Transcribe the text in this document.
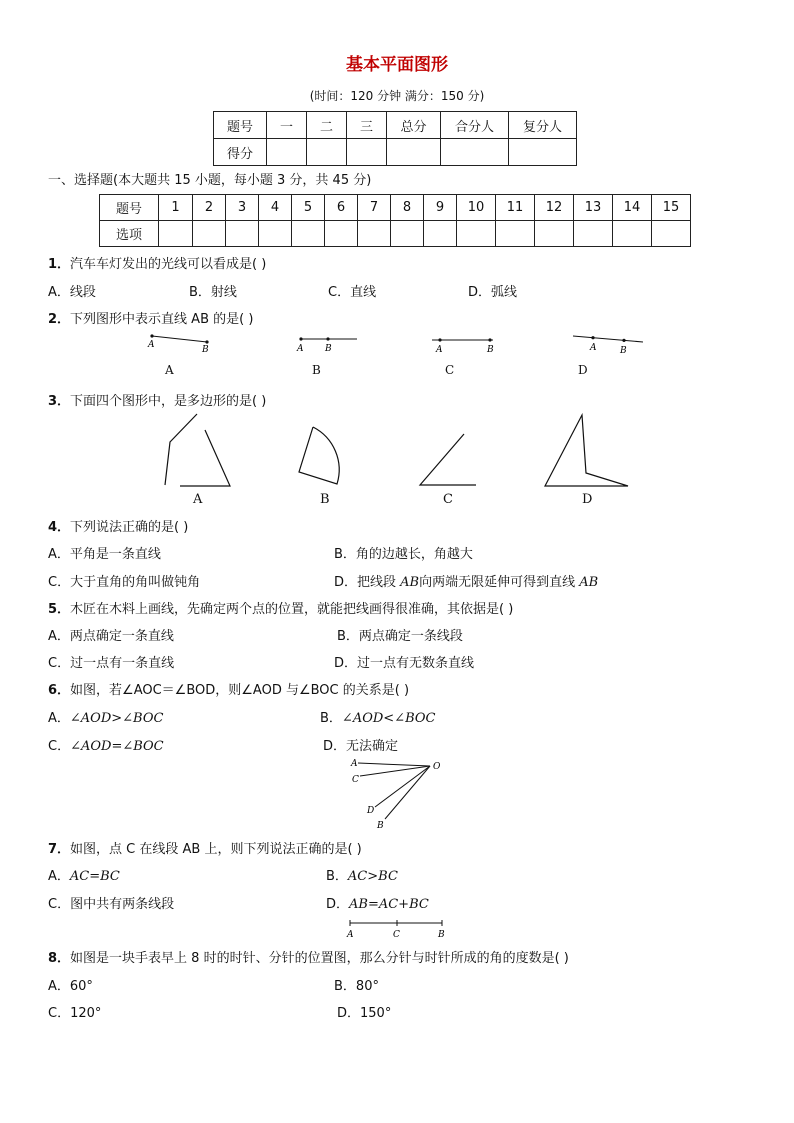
基本平面图形
(时间：120 分钟 满分：150 分)
题号	一	二	三	总分	合分人	复分人
得分						
一、选择题(本大题共 15 小题，每小题 3 分，共 45 分)
题号	1	2	3	4	5	6	7	8	9	10	11	12	13	14	15
选项															
1．汽车车灯发出的光线可以看成是( )
A．线段	B．射线	C．直线	D．弧线
2．下列图形中表示直线 AB 的是( )
A	B	A B	A	B	A	B
A	B	C	D
3．下面四个图形中，是多边形的是( )
A	B	C	D
4．下列说法正确的是( )
A．平角是一条直线	B．角的边越长，角越大
C．大于直角的角叫做钝角	D．把线段 AB向两端无限延伸可得到直线 AB
5．木匠在木料上画线，先确定两个点的位置，就能把线画得很准确，其依据是( )
A．两点确定一条直线	B．两点确定一条线段
C．过一点有一条直线	D．过一点有无数条直线
6．如图，若∠AOC＝∠BOD，则∠AOD 与∠BOC 的关系是( )
A．∠AOD>∠BOC	B．∠AOD<∠BOC
C．∠AOD=∠BOC	D．无法确定
A
C
O
D
B
7．如图，点 C 在线段 AB 上，则下列说法正确的是( )
A．AC=BC	B．AC>BC
C．图中共有两条线段	D．AB=AC+BC
A	C	B
8．如图是一块手表早上 8 时的时针、分针的位置图，那么分针与时针所成的角的度数是( )
A．60°	B．80°
C．120°	D．150°
